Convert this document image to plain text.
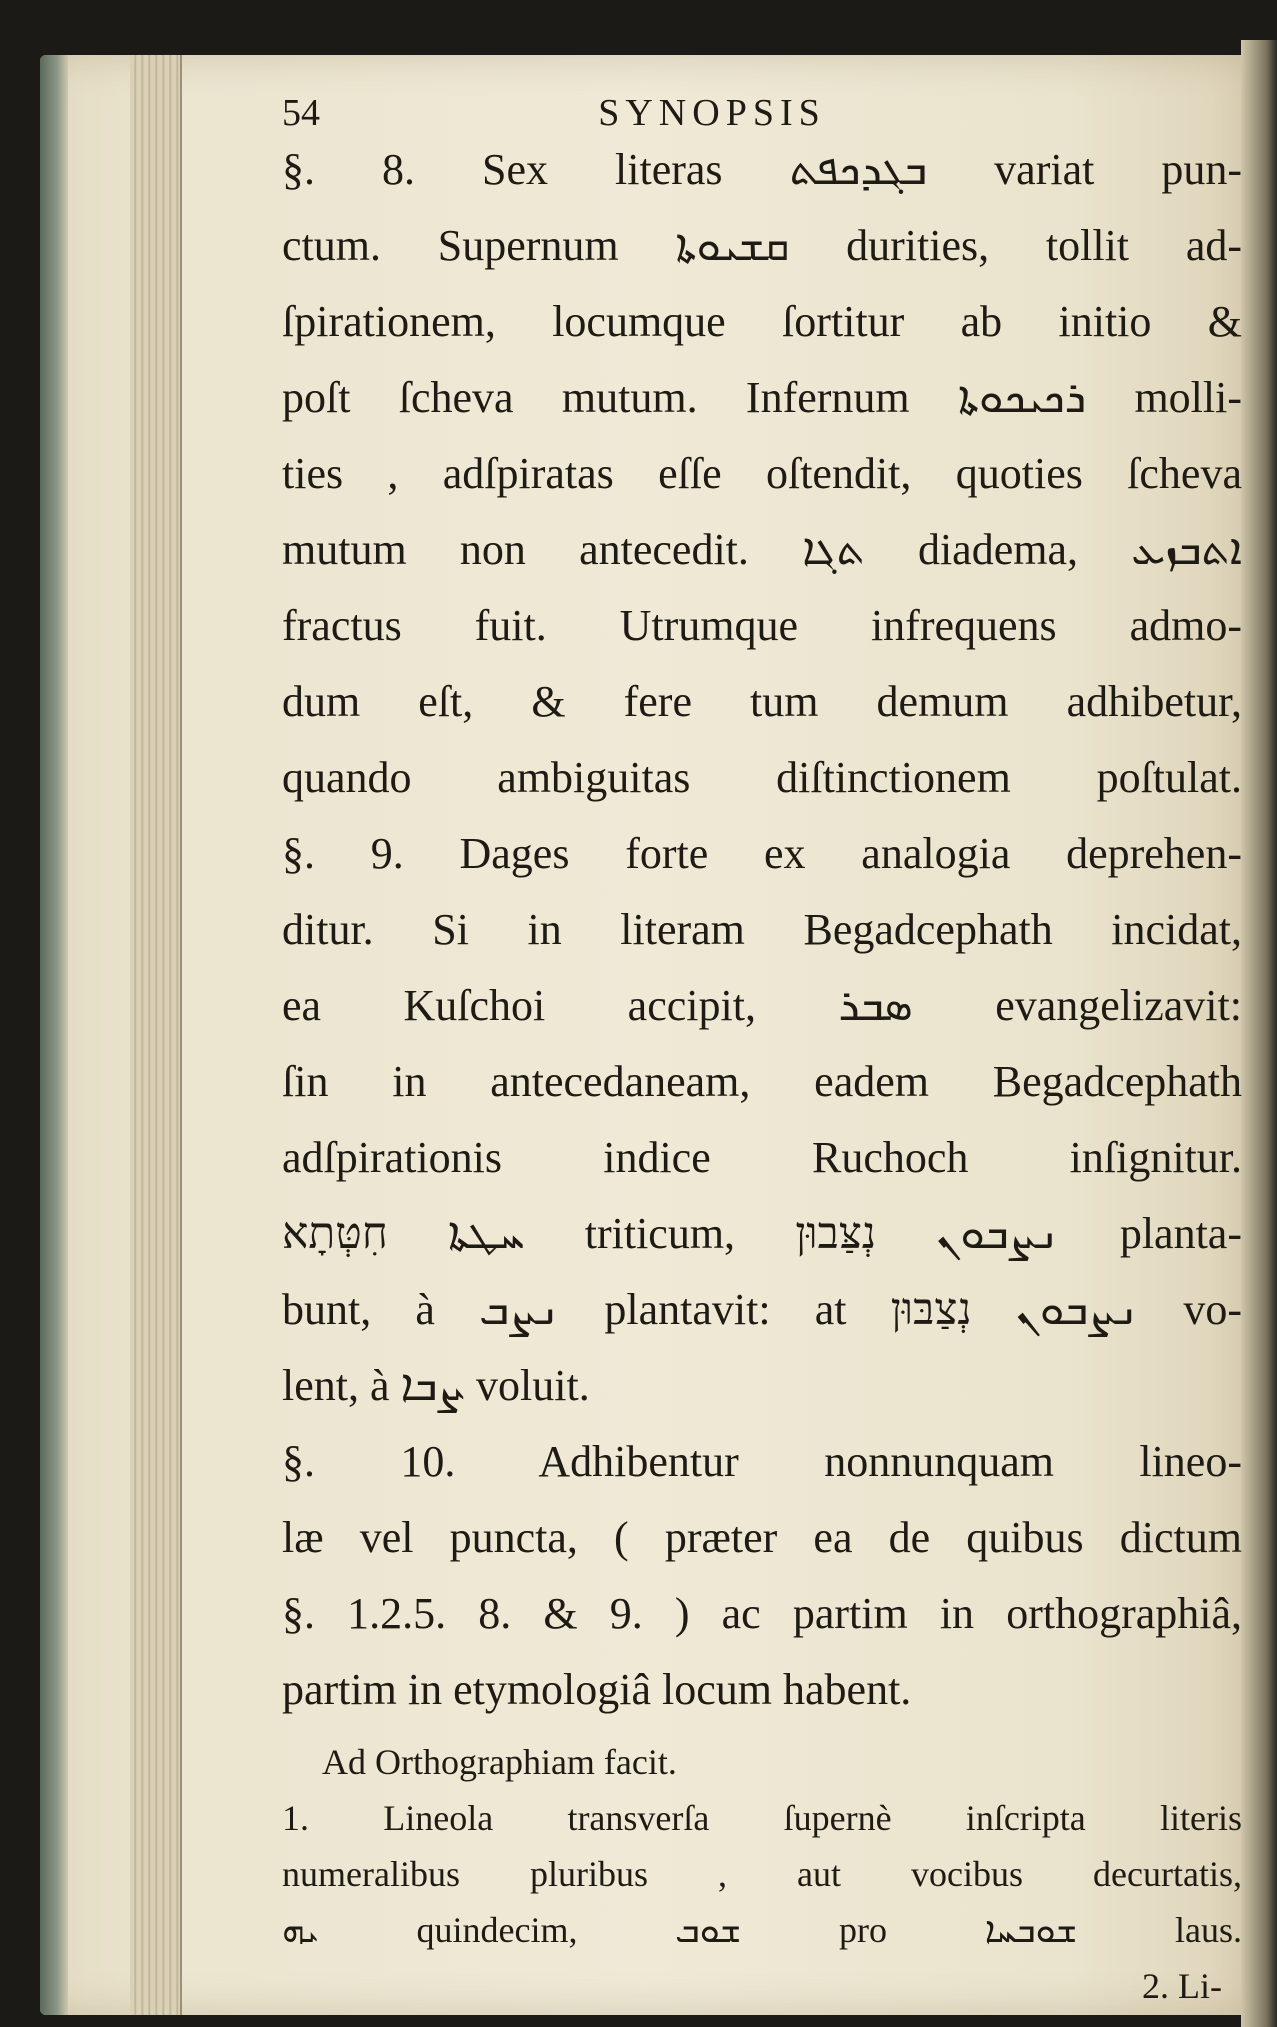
54	SYNOPSIS
§. 8. Sex literas ܒܓܕܟܦܬ variat pun-
ctum. Supernum ܩܫܝܘܬܐ durities, tollit ad-
ſpirationem, locumque ſortitur ab initio &
poſt ſcheva mutum. Infernum ܪܟܝܟܘܬܐ molli-
ties , adſpiratas eſſe oſtendit, quoties ſcheva
mutum non antecedit. ܬܓܐ diadema, ܐܬܒܙܥ
fractus fuit. Utrumque infrequens admo-
dum eſt, & fere tum demum adhibetur,
quando ambiguitas diſtinctionem poſtulat.
§. 9. Dages forte ex analogia deprehen-
ditur. Si in literam Begadcephath incidat,
ea Kuſchoi accipit, ܣܒܪ evangelizavit:
ſin in antecedaneam, eadem Begadcephath
adſpirationis indice Ruchoch inſignitur.
ܚܛܬܐ חִטְּתָא triticum, ܢܨܒܘܢ נְצַּבוּן planta-
bunt, à ܢܨܒ plantavit: at ܢܨܒܘܢ נְצַבּוּן vo-
lent, à ܨܒܐ voluit.
§. 10. Adhibentur nonnunquam lineo-
læ vel puncta, ( præter ea de quibus dictum
§. 1.2.5. 8. & 9. ) ac partim in orthographiâ,
partim in etymologiâ locum habent.
Ad Orthographiam facit.
1. Lineola transverſa ſupernè inſcripta literis
numeralibus pluribus , aut vocibus decurtatis,
ܝܗ quindecim, ܫܘܒ pro ܫܘܒܚܐ laus.
2. Li-
